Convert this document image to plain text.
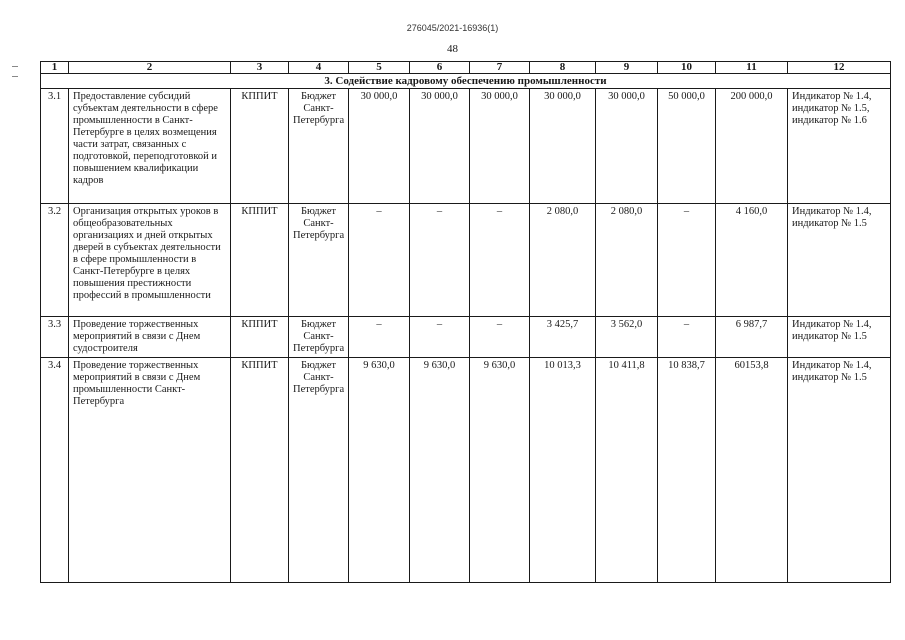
276045/2021-16936(1)
48
1	2	3	4	5	6	7	8	9	10	11	12
3. Содействие кадровому обеспечению промышленности											
3.1	Предоставление субсидий субъектам деятельности в сфере промышленности в Санкт-Петербурге в целях возмещения части затрат, связанных с подготовкой, переподготовкой и повышением квалификации кадров	КППИТ	Бюджет Санкт-Петербурга	30 000,0	30 000,0	30 000,0	30 000,0	30 000,0	50 000,0	200 000,0	Индикатор № 1.4, индикатор № 1.5, индикатор № 1.6
3.2	Организация открытых уроков в общеобразовательных организациях и дней открытых дверей в субъектах деятельности в сфере промышленности в Санкт-Петербурге в целях повышения престижности профессий в промышленности	КППИТ	Бюджет Санкт-Петербурга	–	–	–	2 080,0	2 080,0	–	4 160,0	Индикатор № 1.4, индикатор № 1.5
3.3	Проведение торжественных мероприятий в связи с Днем судостроителя	КППИТ	Бюджет Санкт-Петербурга	–	–	–	3 425,7	3 562,0	–	6 987,7	Индикатор № 1.4, индикатор № 1.5
3.4	Проведение торжественных мероприятий в связи с Днем промышленности Санкт-Петербурга	КППИТ	Бюджет Санкт-Петербурга	9 630,0	9 630,0	9 630,0	10 013,3	10 411,8	10 838,7	60153,8	Индикатор № 1.4, индикатор № 1.5
